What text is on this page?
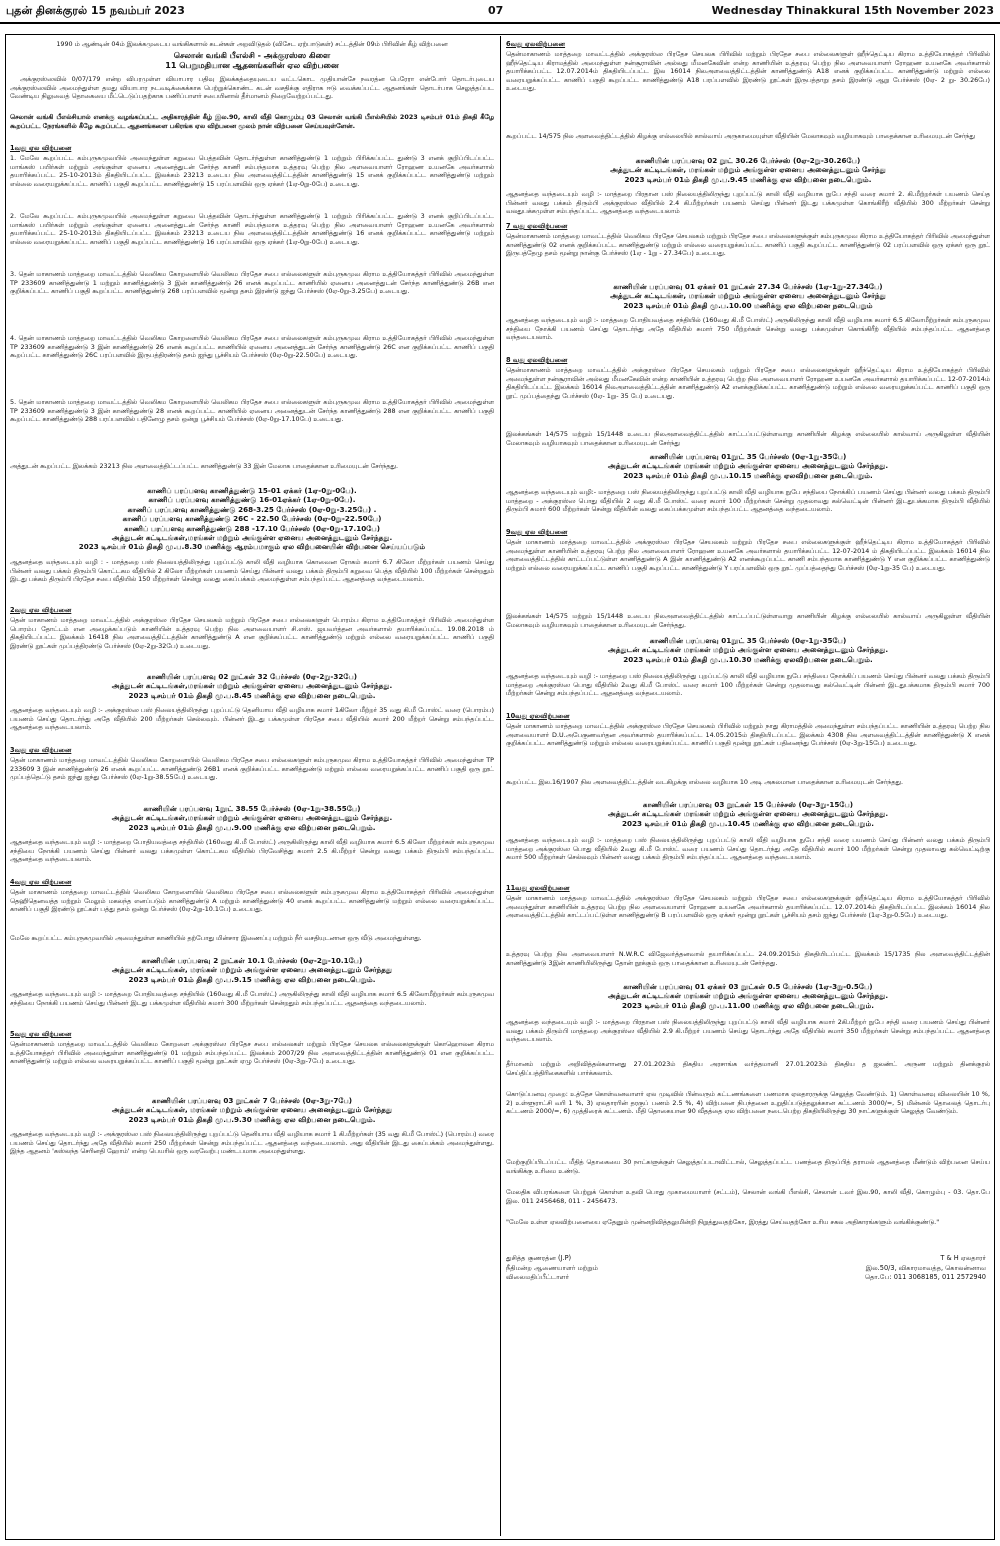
புதன் தினக்குரல் 15 நவம்பர் 2023	07	Wednesday Thinakkural 15th November 2023
1990 ம் ஆண்டின் 04ம் இலக்கமுடைய வங்கிகளால் கடன்கள் அறவிடுதல் (விசேட ஏற்பாடுகள்) சட்டத்தின் 09ம் பிரிவின் கீழ் விற்பனை
செலான் வங்கி பீஎல்சி - அக்குரஸ்ஸ கிளை
11 பெறுமதியான ஆதனங்களின் ஏல விற்பனை
அக்குரஸ்ஸவில் 0/07/179 என்ற விபரமுள்ள வியாபார பதிவு இலக்கத்தையுடைய வட்டகொட முதியான்சே நவரத்ன பெரேரா என்போர் தொடர்புடைய அக்குரஸ்ஸவில் அமைந்துள்ள தமது வியாபார நடவடிக்கைக்காக பெற்றுக்கொண்ட கடன் வசதிக்கு எதிராக ஈடு வைக்கப்பட்ட ஆதனங்கள் தொடர்பாக செலுத்தப்பட வேண்டிய நிலுவைத் தொகையை மீட்டெடுப்பதற்காக பணிப்பாளர் சபையினால் தீர்மானம் நிறைவேற்றப்பட்டது.
செலான் வங்கி பீஎல்சியால் எனக்கு வழங்கப்பட்ட அதிகாரத்தின் கீழ் இல.90, காலி வீதி கொழும்பு 03 செலான் வங்கி பீஎல்சியில் 2023 டிசம்பர் 01ம் திகதி கீழே கூறப்பட்ட நேரங்களில் கீழே கூறப்பட்ட ஆதனங்களை பகிரங்க ஏல விற்பனை மூலம் நான் விற்பனை செய்யவுள்ளேன்.
1வது ஏல விற்பனை
1. மேலே கூறப்பட்ட கம்புருகமுவயில் அமைந்துள்ள கறுவை பெத்தவின் தொடர்ந்துள்ள காணித்துண்டு 1 மற்றும் பிரிக்கப்பட்ட துண்டு 3 எனக் குறிப்பிடப்பட்ட மாங்கஸ் பயிர்கள் மற்றும் அங்குள்ள ஏனைய அனைத்துடன் சேர்ந்த காணி சம்பந்தமாக உத்தரவு பெற்ற நில அளவையாளர் ரோஹண உயனகே அவர்களால் தயாரிக்கப்பட்ட 25-10-2013ம் திகதியிடப்பட்ட இலக்கம் 23213 உடைய நில அளவைத்திட்டத்தின் காணித்துண்டு 15 எனக் குறிக்கப்பட்ட காணித்துண்டு மற்றும் எல்லை வரையறுக்கப்பட்ட காணிப் பகுதி கூறப்பட்ட காணித்துண்டு 15 பரப்பளவில் ஒரு ஏக்கர் (1ஏ-0று-0பே) உடையது.
2. மேலே கூறப்பட்ட கம்புருகமுவயில் அமைந்துள்ள கறுவை பெத்தவின் தொடர்ந்துள்ள காணித்துண்டு 1 மற்றும் பிரிக்கப்பட்ட துண்டு 3 எனக் குறிப்பிடப்பட்ட மாங்கஸ் பயிர்கள் மற்றும் அங்குள்ள ஏனைய அனைத்துடன் சேர்ந்த காணி சம்பந்தமாக உத்தரவு பெற்ற நில அளவையாளர் ரோஹண உயனகே அவர்களால் தயாரிக்கப்பட்ட 25-10-2013ம் திகதியிடப்பட்ட இலக்கம் 23213 உடைய நில அளவைத்திட்டத்தின் காணித்துண்டு 16 எனக் குறிக்கப்பட்ட காணித்துண்டு மற்றும் எல்லை வரையறுக்கப்பட்ட காணிப் பகுதி கூறப்பட்ட காணித்துண்டு 16 பரப்பளவில் ஒரு ஏக்கர் (1ஏ-0று-0பே) உடையது.
3. தென் மாகாணம் மாத்தறை மாவட்டத்தில் வெலிகம கோறளையில் வெலிகம பிரதேச சபை எல்லைகளுள் கம்புருகமுவ கிராம உத்தியோகத்தர் பிரிவில் அமைந்துள்ள TP 233609 காணித்துண்டு 1 மற்றும் காணித்துண்டு 3 இன் காணித்துண்டு 26 எனக் கூறப்பட்ட காணியில் ஏனைய அனைத்துடன் சேர்ந்த காணித்துண்டு 26B என குறிக்கப்பட்ட காணிப் பகுதி கூறப்பட்ட காணித்துண்டு 268 பரப்பளவில் மூன்று தசம் இரண்டு ஐந்து பேர்ச்சஸ் (0ஏ-0று-3.25பே) உடையது.
4. தென் மாகாணம் மாத்தறை மாவட்டத்தில் வெலிகம கோறளையில் வெலிகம பிரதேச சபை எல்லைகளுள் கம்புருகமுவ கிராம உத்தியோகத்தர் பிரிவில் அமைந்துள்ள TP 233609 காணித்துண்டு 3 இன் காணித்துண்டு 26 எனக் கூறப்பட்ட காணியில் ஏனைய அனைத்துடன் சேர்ந்த காணித்துண்டு 26C என குறிக்கப்பட்ட காணிப் பகுதி கூறப்பட்ட காணித்துண்டு 26C பரப்பளவில் இருபத்திரண்டு தசம் ஐந்து பூச்சியம் பேர்ச்சஸ் (0ஏ-0று-22.50பே) உடையது.
5. தென் மாகாணம் மாத்தறை மாவட்டத்தில் வெலிகம கோறளையில் வெலிகம பிரதேச சபை எல்லைகளுள் கம்புருகமுவ கிராம உத்தியோகத்தர் பிரிவில் அமைந்துள்ள TP 233609 காணித்துண்டு 3 இன் காணித்துண்டு 28 எனக் கூறப்பட்ட காணியில் ஏனைய அனைத்துடன் சேர்ந்த காணித்துண்டு 288 என குறிக்கப்பட்ட காணிப் பகுதி கூறப்பட்ட காணித்துண்டு 288 பரப்பளவில் பதினேழு தசம் ஒன்று பூச்சியம் பேர்ச்சஸ் (0ஏ-0று-17.10பே) உடையது.
அத்துடன் கூறப்பட்ட இலக்கம் 23213 நில அளவைத்திட்டப்பட்ட காணித்துண்டு 33 இன் மேலாக பாதைக்கான உரிமையுடன் சேர்ந்தது.
காணிப் பரப்பளவு காணித்துண்டு 15-01 ஏக்கர் (1ஏ-0று-0பே).
காணிப் பரப்பளவு காணித்துண்டு 16-01ஏக்கர் (1ஏ-0று-0பே).
காணிப் பரப்பளவு காணித்துண்டு 268-3.25 பேர்ச்சஸ் (0ஏ-0று-3.25பே) .
காணிப் பரப்பளவு காணித்துண்டு 26C - 22.50 பேர்ச்சஸ் (0ஏ-0று-22.50பே)
காணிப் பரப்பளவு காணித்துண்டு 288 -17.10 பேர்ச்சஸ் (0ஏ-0று-17.10பே)
அத்துடன் கட்டிடங்கள்,மரங்கள் மற்றும் அங்குள்ள ஏனைய அனைத்துடனும் சேர்ந்தது.
2023 டிசம்பர் 01ம் திகதி மு.ப.8.30 மணிக்கு ஆரம்பமாகும் ஏல விற்பனையின் விற்பனை செய்யப்படும்
ஆதனத்தை வந்தடையும் வழி : - மாத்தறை பஸ் நிலையத்திலிருந்து புறப்பட்டு காலி வீதி வழியாக கொவைன ரோகம் சுமார் 6.7 கிலோ மீற்றர்கள் பயணம் செய்து பின்னர் வலது பக்கம் திரும்பி கொட்டகம வீதியில் 2 கிலோ மீற்றர்கள் பயணம் செய்து பின்னர் வலது பக்கம் திரும்பி கறுவை பெத்த வீதியில் 100 மீற்றர்கள் சென்றதும் இடது பக்கம் திரும்பி பிரதேச சபை வீதியில் 150 மீற்றர்கள் சென்று வலது கைப்பக்கம் அமைந்துள்ள சம்பந்தப்பட்ட ஆதனத்தை வந்தடையலாம்.
2வது ஏல விற்பனை
தென் மாகாணம் மாத்தறை மாவட்டத்தில் அக்குரஸ்ஸ பிரதேச செயலகம் மற்றும் பிரதேச சபை எல்லைகளுள் பொரம்ப கிராம உத்தியோகத்தர் பிரிவில் அமைந்துள்ள பொரம்ப தோட்டம் என அழைக்கப்படும் காணியின் உத்தரவு பெற்ற நில அளவையாளர் சி.எஸ். ஜயவர்த்தன அவர்களால் தயாரிக்கப்பட்ட 19.08.2018 ம் திகதியிடப்பட்ட இலக்கம் 16418 நில அளவைத்திட்டத்தின் காணித்துண்டு A என குறிக்கப்பட்ட காணித்துண்டு மற்றும் எல்லை வரையறுக்கப்பட்ட காணிப் பகுதி இரண்டு றூட்கள் முப்பத்திரண்டு பேர்ச்சஸ் (0ஏ-2று-32பே) உடையது.
காணியின் பரப்பளவு 02 றூட்கள் 32 பேர்ச்சஸ் (0ஏ-2று-32பே)
அத்துடன் கட்டிடங்கள்,மரங்கள் மற்றும் அங்குள்ள ஏனைய அனைத்துடனும் சேர்ந்தது.
2023 டிசம்பர் 01ம் திகதி மு.ப.8.45 மணிக்கு ஏல விற்பனை நடைபெறும்.
ஆதனத்தை வந்தடையும் வழி :- அக்குரஸ்ஸ பஸ் நிலையத்திலிருந்து புறப்பட்டு தெனியாய வீதி வழியாக சுமார் 1கிலோ மீற்றர் 35 வது கி.மீ போஸ்ட் வரை (பொரம்ப) பயணம் செய்து தொடர்ந்து அதே வீதியில் 200 மீற்றர்கள் செல்லவும். பின்னர் இடது பக்கமுள்ள பிரதேச சபை வீதியில் சுமார் 200 மீற்றர் சென்று சம்பந்தப்பட்ட ஆதனத்தை வந்தடையலாம்.
3வது ஏல விற்பனை
தென் மாகாணம் மாத்தறை மாவட்டத்தில் வெலிகம கோறளையில் வெலிகம பிரதேச சபை எல்லைகளுள் கம்புருகமுவ கிராம உத்தியோகத்தர் பிரிவில் அமைந்துள்ள TP 233609 3 இன் காணித்துண்டு 26 எனக் கூறப்பட்ட காணித்துண்டு 26B1 எனக் குறிக்கப்பட்ட காணித்துண்டு மற்றும் எல்லை வரையறுக்கப்பட்ட காணிப் பகுதி ஒரு றூட் முப்பத்தெட்டு தசம் ஐந்து ஐந்து பேர்ச்சஸ் (0ஏ-1று-38.55பே) உடையது.
காணியின் பரப்பளவு 1றூட் 38.55 பேர்ச்சஸ் (0ஏ-1று-38.55பே)
அத்துடன் கட்டிடங்கள்,மரங்கள் மற்றும் அங்குள்ள ஏனைய அனைத்துடனும் சேர்ந்தது.
2023 டிசம்பர் 01ம் திகதி மு.ப.9.00 மணிக்கு ஏல விற்பனை நடைபெறும்.
ஆதனத்தை வந்தடையும் வழி :- மாத்தறை போதியவத்தை சந்தியில் (160வது கி.மீ போஸ்ட்) அருகிலிருந்து காலி வீதி வழியாக சுமார் 6.5 கிலோ மீற்றர்கள் கம்புருகமுவ சந்தியை நோக்கி பயணம் செய்து பின்னர் வலது பக்கமுள்ள கொட்டகம வீதியில் பிரவேசித்து சுமார் 2.5 கி.மீற்றர் சென்று வலது பக்கம் திரும்பி சம்பந்தப்பட்ட ஆதனத்தை வந்தடையலாம்.
4வது ஏல விற்பனை
தென் மாகாணம் மாத்தறை மாவட்டத்தில் வெலிகம கோறளையில் வெலிகம பிரதேச சபை எல்லைகளுள் கம்புருகமுவ கிராம உத்தியோகத்தர் பிரிவில் அமைந்துள்ள தெஹிதெனவத்த மற்றும் மேலும் மகலந்த எனப்படும் காணித்துண்டு A மற்றும் காணித்துண்டு 40 எனக் கூறப்பட்ட காணித்துண்டு மற்றும் எல்லை வரையறுக்கப்பட்ட காணிப் பகுதி இரண்டு றூட்கள் பத்து தசம் ஒன்று பேர்ச்சஸ் (0ஏ-2று-10.1பே) உடையது.
மேலே கூறப்பட்ட கம்புருகமுவயில் அமைந்துள்ள காணியில் தற்போது மின்சார இணைப்பு மற்றும் நீர் வசதியுடனான ஒரு வீடு அமைந்துள்ளது.
காணியின் பரப்பளவு 2 றூட்கள் 10.1 பேர்ச்சஸ் (0ஏ-2று-10.1பே)
அத்துடன் கட்டிடங்கள், மரங்கள் மற்றும் அங்குள்ள ஏனைய அனைத்துடனும் சேர்ந்தது
2023 டிசம்பர் 01ம் திகதி மு.ப.9.15 மணிக்கு ஏல விற்பனை நடைபெறும்.
ஆதனத்தை வந்தடையும் வழி :- மாத்தறை போதியவத்தை சந்தியில் (160வது கி.மீ போஸ்ட்) அருகிலிருந்து காலி வீதி வழியாக சுமார் 6.5 கிலோமீற்றர்கள் கம்புருகமுவ சந்தியை நோக்கி பயணம் செய்து பின்னர் இடது பக்கமுள்ள வீதியில் சுமார் 300 மீற்றர்கள் சென்றதும் சம்பந்தப்பட்ட ஆதனத்தை வந்தடையலாம்.
5வது ஏல விற்பனை
தென்மாகாணம் மாத்தறை மாவட்டத்தில் வெலிகம கோறளை அக்குரஸ்ஸ பிரதேச சபை எல்லைகள் மற்றும் பிரதேச செயலக எல்லைகளுக்குள் கொஹொலன கிராம உத்தியோகத்தர் பிரிவில் அமைந்துள்ள காணித்துண்டு 01 மற்றும் சம்பந்தப்பட்ட இலக்கம் 2007/29 நில அளவைத்திட்டத்தின் காணித்துண்டு 01 என குறிக்கப்பட்ட காணித்துண்டு மற்றும் எல்லை வரையறுக்கப்பட்ட காணிப் பகுதி மூன்று றூட்கள் ஏழு பேர்ச்சஸ் (0ஏ-3று-7பே) உடையது.
காணியின் பரப்பளவு 03 றூட்கள் 7 பேர்ச்சஸ் (0ஏ-3று-7பே)
அத்துடன் கட்டிடங்கள், மரங்கள் மற்றும் அங்குள்ள ஏனைய அனைத்துடனும் சேர்ந்தது
2023 டிசம்பர் 01ம் திகதி மு.ப.9.30 மணிக்கு ஏல விற்பனை நடைபெறும்.
ஆதனத்தை வந்தடையும் வழி :- அக்குரஸ்ஸ பஸ் நிலையத்திலிருந்து புறப்பட்டு தெனியாய வீதி வழியாக சுமார் 1 கி.மீற்றர்கள் (35 வது கி.மீ போஸ்ட்) (பொரம்ப) வரை பயணம் செய்து தொடர்ந்து அதே வீதியில் சுமார் 250 மீற்றர்கள் சென்று சம்பந்தப்பட்ட ஆதனத்தை வந்தடையலாம். அது வீதியின் இடது கைப்பக்கம் அமைந்துள்ளது. இந்த ஆதனம் 'கஸ்லந்த செரினதி ஹோம்' என்ற பெயரில் ஒரு வரவேற்பு மண்டபமாக அமைந்துள்ளது.
6வது ஏலவிற்பனை
தென்மாகாணம் மாத்தறை மாவட்டத்தில் அக்குரஸ்ஸ பிரதேச செயலக பிரிவில் மற்றும் பிரதேச சபை எல்லைகளுள் ஹீந்தெட்டிய கிராம உத்தியோகத்தர் பிரிவில் ஹீந்தெட்டிய கிராமத்தில் அமைந்துள்ள நன்சூராவின் அல்லது மீமனகேவின் என்ற காணியின் உத்தரவு பெற்ற நில அளவையாளர் ரோஹண உயனகே அவர்களால் தயாரிக்கப்பட்ட 12.07.2014ம் திகதியிடப்பட்ட இல 16014 நிலஅளவைத்திட்டத்தின் காணித்துண்டு A18 எனக் குறிக்கப்பட்ட காணித்துண்டு மற்றும் எல்லை வரையறுக்கப்பட்ட காணிப் பகுதி கூறப்பட்ட காணித்துண்டு A18 பரப்பளவில் இரண்டு றூட்கள் இருபத்தாறு தசம் இரண்டு ஆறு பேர்ச்சஸ் (0ஏ- 2 று- 30.26பே) உடையது.
கூறப்பட்ட 14/575 நில அளவைத்திட்டத்தில் கிழக்கு எல்லையில் கால்வாய் அருகாமையுள்ள வீதியின் மேலாகவும் வழியாகவும் பாதைக்கான உரிமையுடன் சேர்ந்து
காணியின் பரப்பளவு 02 றூட் 30.26 பேர்ச்சஸ் (0ஏ-2று-30.26பே)
அத்துடன் கட்டிடங்கள், மரங்கள் மற்றும் அங்குள்ள ஏனைய அனைத்துடனும் சேர்ந்து
2023 டிசம்பர் 01ம் திகதி மு.ப.9.45 மணிக்கு ஏல விற்பனை நடைபெறும்.
ஆதனத்தை வந்தடையும் வழி :- மாத்தறை பிரதான பஸ் நிலையத்திலிருந்து புறப்பட்டு காலி வீதி வழியாக நுபே சந்தி வரை சுமார் 2. கி.மீற்றர்கள் பயணம் செய்த பின்னர் வலது பக்கம் திரும்பி அக்குரஸ்ஸ வீதியில் 2.4 கி.மீற்றர்கள் பயணம் செய்து பின்னர் இடது பக்கமுள்ள கொங்கிரீற் வீதியில் 300 மீற்றர்கள் சென்று வலதுபக்கமுள்ள சம்பந்தப்பட்ட ஆதனத்தை வந்தடையலாம்
7 வது ஏலவிற்பனை
தென்மாகாணம் மாத்தறை மாவட்டத்தில் வெலிகம பிரதேச செயலகம் மற்றும் பிரதேச சபை எல்லைகளுக்குள் கம்புருகமுவ கிராம உத்தியோகத்தர் பிரிவில் அமைந்துள்ள காணித்துண்டு 02 எனக் குறிக்கப்பட்ட காணித்துண்டு மற்றும் எல்லை வரையறுக்கப்பட்ட காணிப் பகுதி கூறப்பட்ட காணித்துண்டு 02 பரப்பளவில் ஒரு ஏக்கர் ஒரு றூட் இருபத்தேழு தசம் மூன்று நான்கு பேர்ச்சஸ் (1ஏ - 1று - 27.34பே) உடையது.
காணியின் பரப்பளவு 01 ஏக்கர் 01 றூட்கள் 27.34 பேர்ச்சஸ் (1ஏ-1று-27.34பே)
அத்துடன் கட்டிடங்கள், மரங்கள் மற்றும் அங்குள்ள ஏனைய அனைத்துடனும் சேர்ந்து
2023 டிசம்பர் 01ம் திகதி மு.ப.10.00 மணிக்கு ஏல விற்பனை நடைபெறும்
ஆதனத்தை வந்தடையும் வழி :- மாத்தறை போதியவத்தை சந்தியில் (160வது கி.மீ போஸ்ட்) அருகிலிருந்து காலி வீதி வழியாக சுமார் 6.5 கிலோமீற்றர்கள் கம்புருகமுவ சந்தியை நோக்கி பயணம் செய்து தொடர்ந்து அதே வீதியில் சுமார் 750 மீற்றர்கள் சென்று வலது பக்கமுள்ள கொங்கிரீற் வீதியில் சம்பந்தப்பட்ட ஆதனத்தை வந்தடையலாம்.
8 வது ஏலவிற்பனை
தென்மாகாணம் மாத்தறை மாவட்டத்தில் அக்குரஸ்ஸ பிரதேச செயலகம் மற்றும் பிரதேச சபை எல்லைகளுக்குள் ஹீந்தெட்டிய கிராம உத்தியோகத்தர் பிரிவில் அமைந்துள்ள நன்சூராவின் அல்லது மீமனகேவின் என்ற காணியின் உத்தரவு பெற்ற நில அளவையாளர் ரோஹண உயனகே அவர்களால் தயாரிக்கப்பட்ட 12-07-2014ம் திகதியிடப்பட்ட இலக்கம் 16014 நிலஅளவைத்திட்டத்தின் காணித்துண்டு A2 எனக்குறிக்கப்பட்ட காணித்துண்டு மற்றும் எல்லை வரையறுக்கப்பட்ட காணிப் பகுதி ஒரு றூட் முப்பத்தைந்து பேர்ச்சஸ் (0ஏ- 1று- 35 பே) உடையது.
இலக்கங்கள் 14/575 மற்றும் 15/1448 உடைய நிலஅளவைத்திட்டத்தில் காட்டப்பட்டுள்ளவாறு காணியின் கிழக்கு எல்லையில் கால்வாய் அருகிலுள்ள வீதியின் மேலாகவும் வழியாகவும் பாதைக்கான உரிமையுடன் சேர்ந்து
காணியின் பரப்பளவு 01றூட் 35 பேர்ச்சஸ் (0ஏ-1று-35பே)
அத்துடன் கட்டிடங்கள் மரங்கள் மற்றும் அங்குள்ள ஏனைய அனைத்துடனும் சேர்ந்தது.
2023 டிசம்பர் 01ம் திகதி மு.ப.10.15 மணிக்கு ஏலவிற்பனை நடைபெறும்.
ஆதனத்தை வந்தடையும் வழி:- மாத்தறை பஸ் நிலையத்திலிருந்து புறப்பட்டு காலி வீதி வழியாக நுபே சந்தியை நோக்கிப் பயணம் செய்து பின்னர் வலது பக்கம் திரும்பி மாத்தறை - அக்குரஸ்ஸ பொது வீதியில் 2 வது கி.மீ போஸ்ட் வரை சுமார் 100 மீற்றர்கள் சென்று முதலாவது கல்வெட்டின் பின்னர் இடதுபக்கமாக திரும்பி வீதியில் திரும்பி சுமார் 600 மீற்றர்கள் சென்று வீதியின் வலது கைப்பக்கமுள்ள சம்பந்தப்பட்ட ஆதனத்தை வந்தடையலாம்.
9வது ஏல விற்பனை
தென் மாகாணம் மாத்தறை மாவட்டத்தில் அக்குரஸ்ஸ பிரதேச செயலகம் மற்றும் பிரதேச சபை எல்லைகளுக்குள் ஹீந்தெட்டிய கிராம உத்தியோகத்தர் பிரிவில் அமைந்துள்ள காணியின் உத்தரவு பெற்ற நில அளவையாளர் ரோஹண உயனகே அவர்களால் தயாரிக்கப்பட்ட 12-07-2014 ம் திகதியிடப்பட்ட இலக்கம் 16014 நில அளவைத்திட்டத்தில் காட்டப்பட்டுள்ள காணித்துண்டு A இன் காணித்துண்டு A2 எனக்கூறப்பட்ட காணி சம்பந்தமாக காணித்துண்டு Y என குறிக்கப்பட்ட காணித்துண்டு மற்றும் எல்லை வரையறுக்கப்பட்ட காணிப் பகுதி கூறப்பட்ட காணித்துண்டு Y பரப்பளவில் ஒரு றூட் முப்பத்தைந்து பேர்ச்சஸ் (0ஏ-1று-35 பே) உடையது.
இலக்கங்கள் 14/575 மற்றும் 15/1448 உடைய நிலஅளவைத்திட்டத்தில் காட்டப்பட்டுள்ளவாறு காணியின் கிழக்கு எல்லையில் கால்வாய் அருகிலுள்ள வீதியின் மேலாகவும் வழியாகவும் பாதைக்கான உரிமையுடன் சேர்ந்தது.
காணியின் பரப்பளவு 01றூட் 35 பேர்ச்சஸ் (0ஏ-1று-35பே)
அத்துடன் கட்டிடங்கள் மரங்கள் மற்றும் அங்குள்ள ஏனைய அனைத்துடனும் சேர்ந்தது.
2023 டிசம்பர் 01ம் திகதி மு.ப.10.30 மணிக்கு ஏலவிற்பனை நடைபெறும்.
ஆதனத்தை வந்தடையும் வழி :- மாத்தறை பஸ் நிலையத்திலிருந்து புறப்பட்டு காலி வீதி வழியாக நுபே சந்தியை நோக்கிப் பயணம் செய்து பின்னர் வலது பக்கம் திரும்பி மாத்தறை அக்குரஸ்ஸ பொது வீதியில் 2வது கி.மீ போஸ்ட் வரை சுமார் 100 மீற்றர்கள் சென்று முதலாவது கல்வெட்டின் பின்னர் இடதுபக்கமாக திரும்பி சுமார் 700 மீற்றர்கள் சென்று சம்பந்தப்பட்ட ஆதனத்தை வந்தடையலாம்.
10வது ஏலவிற்பனை
தென் மாகாணம் மாத்தறை மாவட்டத்தில் அக்குரஸ்ஸ பிரதேச செயலகம் பிரிவில் மற்றும் நாது கிராமத்தில் அமைந்துள்ள சம்பந்தப்பட்ட காணியின் உத்தரவு பெற்ற நில அளவையாளர் D.U.அபேகுணவர்தன அவர்களால் தயாரிக்கப்பட்ட 14.05.2015ம் திகதியிடப்பட்ட இலக்கம் 4308 நில அளவைத்திட்டத்தின் காணித்துண்டு X எனக் குறிக்கப்பட்ட காணித்துண்டு மற்றும் எல்லை வரையறுக்கப்பட்ட காணிப் பகுதி மூன்று றூட்கள் பதினைந்து பேர்ச்சஸ் (0ஏ-3று-15பே) உடையது.
கூறப்பட்ட இல.16/1907 நில அளவைத்திட்டத்தின் வடகிழக்கு எல்லை வழியாக 10 அடி அகலமான பாதைக்கான உரிமையுடன் சேர்ந்தது.
காணியின் பரப்பளவு 03 றூட்கள் 15 பேர்ச்சஸ் (0ஏ-3று-15பே)
அத்துடன் கட்டிடங்கள் மரங்கள் மற்றும் அங்குள்ள ஏனைய அனைத்துடனும் சேர்ந்தது.
2023 டிசம்பர் 01ம் திகதி மு.ப.10.45 மணிக்கு ஏல விற்பனை நடைபெறும்.
ஆதனத்தை வந்தடையும் வழி :- மாத்தறை பஸ் நிலையத்திலிருந்து புறப்பட்டு காலி வீதி வழியாக நுபே சந்தி வரை பயணம் செய்து பின்னர் வலது பக்கம் திரும்பி மாத்தறை அக்குரஸ்ஸ பொது வீதியில் 2வது கி.மீ போஸ்ட் வரை பயணம் செய்து தொடர்ந்து அதே வீதியில் சுமார் 100 மீற்றர்கள் சென்று முதலாவது கல்வெட்டிற்கு சுமார் 500 மீற்றர்கள் செல்லவும் பின்னர் வலது பக்கம் திரும்பி சம்பந்தப்பட்ட ஆதனத்தை வந்தடையலாம்.
11வது ஏலவிற்பனை
தென் மாகாணம் மாத்தறை மாவட்டத்தில் அக்குரஸ்ஸ பிரதேச செயலகம் மற்றும் பிரதேச சபை எல்லைகளுக்குள் ஹீந்தெட்டிய கிராம உத்தியோகத்தர் பிரிவில் அமைந்துள்ள காணியின் உத்தரவு பெற்ற நில அளவையாளர் ரோஹண உயனகே அவர்களால் தயாரிக்கப்பட்ட 12.07.2014ம் திகதியிடப்பட்ட இலக்கம் 16014 நில அளவைத்திட்டத்தில் காட்டப்பட்டுள்ள காணித்துண்டு B பரப்பளவில் ஒரு ஏக்கர் மூன்று றூட்கள் பூச்சியம் தசம் ஐந்து பேர்ச்சஸ் (1ஏ-3று-0.5பே) உடையது.
உத்தரவு பெற்ற நில அளவையாளர் N.W.R.C விஜேவர்த்தனவால் தயாரிக்கப்பட்ட 24.09.2015ம் திகதியிடப்பட்ட இலக்கம் 15/1735 நில அளவைத்திட்டத்தின் காணித்துண்டு 3இன் காணியிலிருந்து தோன் நூக்கும் ஒரு பாதைக்கான உரிமையுடன் சேர்ந்தது.
காணியின் பரப்பளவு 01 ஏக்கர் 03 றூட்கள் 0.5 பேர்ச்சஸ் (1ஏ-3று-0.5பே)
அத்துடன் கட்டிடங்கள் மரங்கள் மற்றும் அங்குள்ள ஏனைய அனைத்துடனும் சேர்ந்தது.
2023 டிசம்பர் 01ம் திகதி மு.ப.11.00 மணிக்கு ஏல விற்பனை நடைபெறும்.
ஆதனத்தை வந்தடையும் வழி :- மாத்தறை பிரதான பஸ் நிலையத்திலிருந்து புறப்பட்டு காலி வீதி வழியாக சுமார் 2கி.மீற்றர் நுபே சந்தி வரை பயணம் செய்து பின்னர் வலது பக்கம் திரும்பி மாத்தறை அக்குரஸ்ஸ வீதியில் 2.9 கி.மீற்றர் பயணம் செய்து தொடர்ந்து அதே வீதியில் சுமார் 350 மீற்றர்கள் சென்று சம்பந்தப்பட்ட ஆதனத்தை வந்தடையலாம்.
தீர்மானம் மற்றும் அறிவித்தல்களானது 27.01.2023ம் திகதிய அரசாங்க வர்த்தமானி 27.01.2023ம் திகதிய த ஐலண்ட் அருண மற்றும் தினக்குரல் செய்திப்பத்திரிகைகளில் பார்க்கலாம்.
கொடுப்பனவு முறை: உத்தேச கொள்வனவாளர் ஏல முடிவில் பின்வரும் கட்டணங்களை பணமாக ஏலதாரருக்கு செலுத்த வேண்டும். 1) கொள்வனவு விலையின் 10 %, 2) உள்ளூராட்சி வரி 1 %, 3) ஏலதாரரின் தரகுப் பணம் 2.5 %, 4) விற்பனை நிபந்தனை உறுதிப்படுத்தலுக்கான கட்டணம் 3000/=, 5) மின்னல் தொலைத் தொடர்பு கட்டணம் 2000/=, 6) முத்திரைக் கட்டணம். மீதி தொகையான 90 வீதத்தை ஏல விற்பனை நடைபெற்ற திகதியிலிருந்து 30 நாட்களுக்குள் செலுத்த வேண்டும்.
மேற்குறிப்பிடப்பட்ட மீதித் தொகையை 30 நாட்களுக்குள் செலுத்தப்படாவிட்டால், செலுத்தப்பட்ட பணத்தை திருப்பித் தராமல் ஆதனத்தை மீண்டும் விற்பனை செய்ய வங்கிக்கு உரிமை உண்டு.
மேலதிக விபரங்களை பெற்றுக் கொள்ள உதவி பொது முகாமையாளர் (சட்டம்), செலான் வங்கி பீஎல்சி, செலான் டவர் இல.90, காலி வீதி, கொழும்பு - 03. தொ.பே இல. 011 2456468, 011 - 2456473.
"மேலே உள்ள ஏலவிற்பனையை ஏதேனும் முன்னறிவித்தலுமின்றி நிறுத்துவதற்கோ, இரத்து செய்வதற்கோ உரிய சகல அதிகாரங்களும் வங்கிக்குண்டு."
துசித்த குணரத்ன (J.P)
நீதிமன்ற ஆணையாளர் மற்றும்
விலைமதிப்பீட்டாளர்
T & H ஏலதாரர்
இல.50/3, விகாரமாவத்த, கொலன்னாவ
தொ.பே: 011 3068185, 011 2572940
